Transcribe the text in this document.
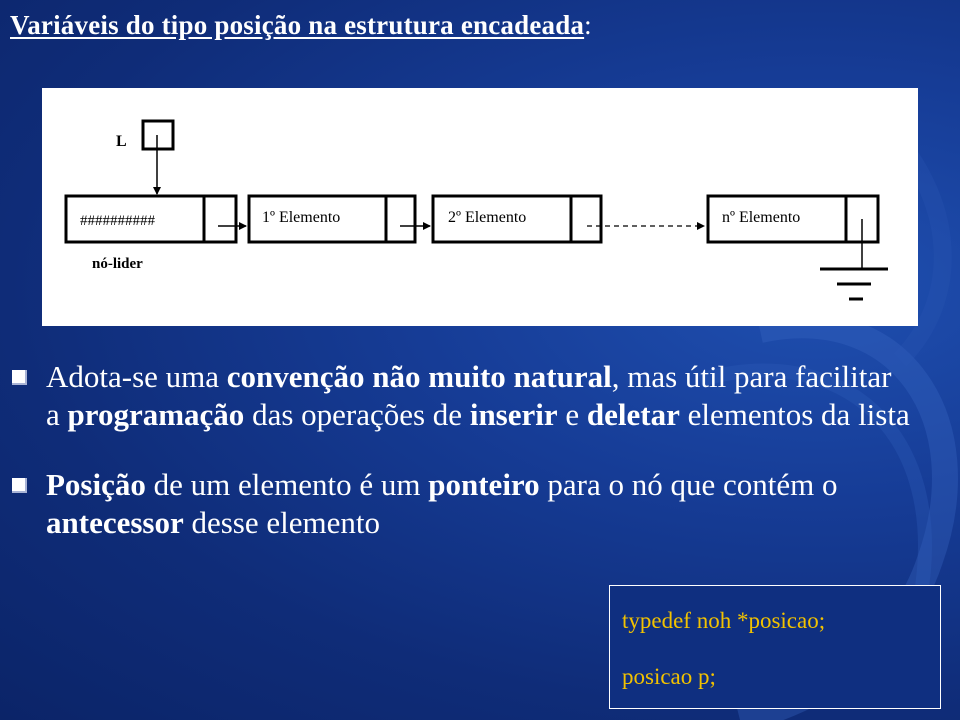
Variáveis do tipo posição na estrutura encadeada:
L
##########
nó-lider
1º Elemento	2º Elemento	nº Elemento
Adota-se uma convenção não muito natural, mas útil para facilitar a programação das operações de inserir e deletar elementos da lista
Posição de um elemento é um ponteiro para o nó que contém o antecessor desse elemento
typedef noh *posicao;
posicao p;
